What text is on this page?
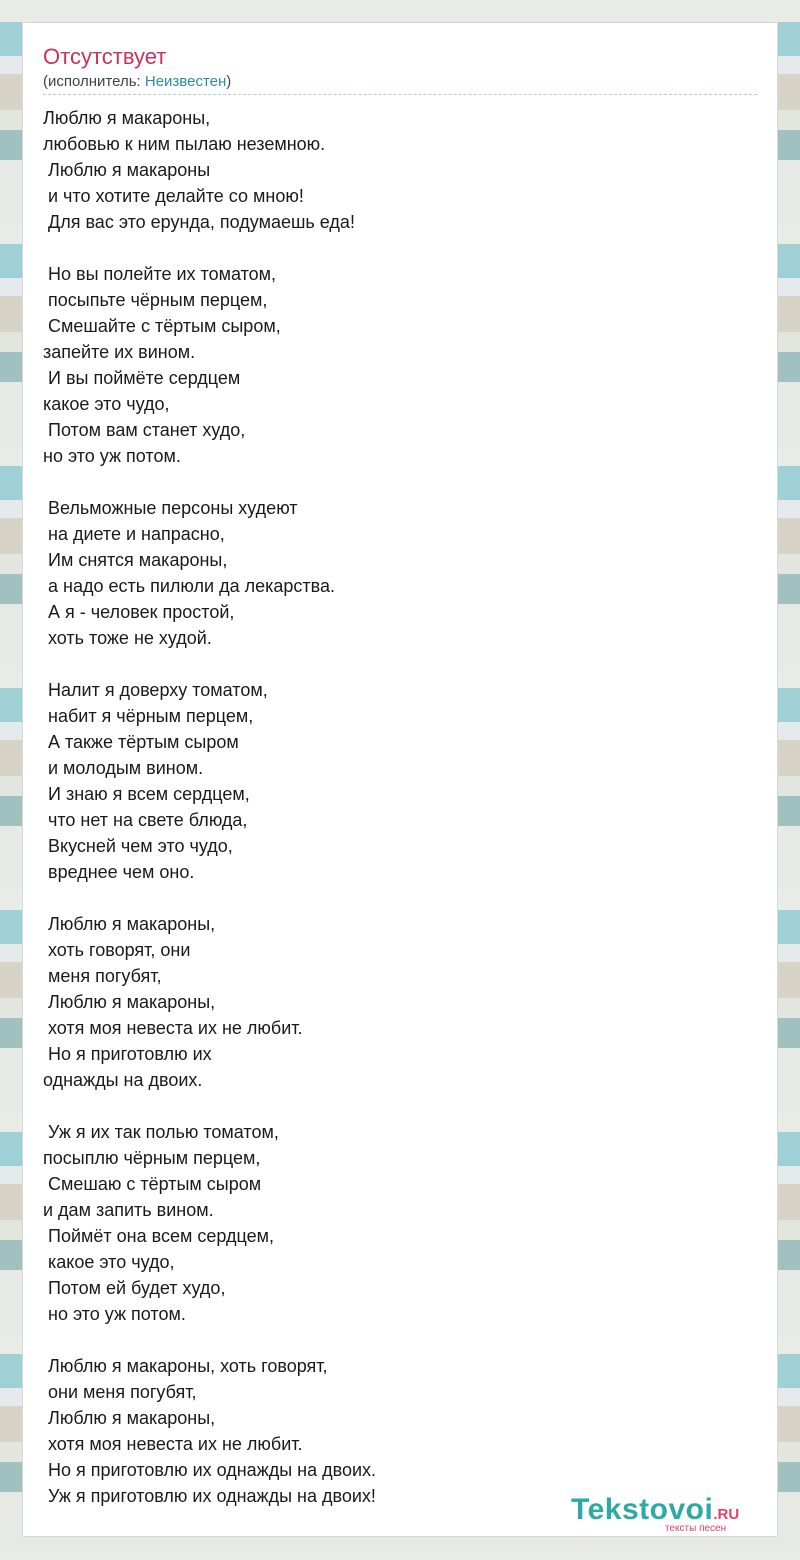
Отсутствует
(исполнитель: Неизвестен)
Люблю я макароны,
любовью к ним пылаю неземною.
Люблю я макароны
и что хотите делайте со мною!
Для вас это ерунда, подумаешь еда!
Но вы полейте их томатом,
посыпьте чёрным перцем,
Смешайте с тёртым сыром,
запейте их вином.
И вы поймёте сердцем
какое это чудо,
Потом вам станет худо,
но это уж потом.
Вельможные персоны худеют
на диете и напрасно,
Им снятся макароны,
а надо есть пилюли да лекарства.
А я - человек простой,
хоть тоже не худой.
Налит я доверху томатом,
набит я чёрным перцем,
А также тёртым сыром
и молодым вином.
И знаю я всем сердцем,
что нет на свете блюда,
Вкусней чем это чудо,
вреднее чем оно.
Люблю я макароны,
хоть говорят, они
меня погубят,
Люблю я макароны,
хотя моя невеста их не любит.
Но я приготовлю их
однажды на двоих.
Уж я их так полью томатом,
посыплю чёрным перцем,
Смешаю с тёртым сыром
и дам запить вином.
Поймёт она всем сердцем,
какое это чудо,
Потом ей будет худо,
но это уж потом.
Люблю я макароны, хоть говорят,
они меня погубят,
Люблю я макароны,
хотя моя невеста их не любит.
Но я приготовлю их однажды на двоих.
Уж я приготовлю их однажды на двоих!	Tekstovoi.RU
тексты песен
